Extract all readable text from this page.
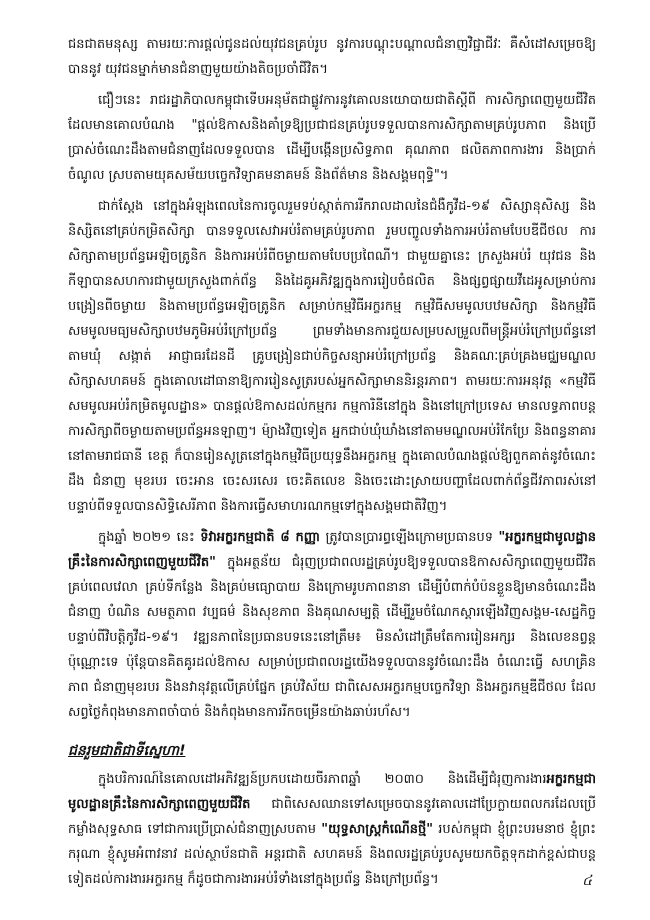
ជនជាតមនុស្ស តាមរយៈការផ្ដល់ជូនដល់យុវជនគ្រប់រូប នូវការបណ្ដុះបណ្ដាលជំនាញវិជ្ជាជីវៈ គឺសំដៅសម្រេចឱ្យបាននូវ យុវជនម្នាក់មានជំនាញមួយយ៉ាងតិចប្រចាំជីវិត។

ជឿៗនេះ រាជរដ្ឋាភិបាលកម្ពុជាទើបអនុម័តជាផ្លូវការនូវគោលនយោបាយជាតិស្ដីពី ការសិក្សាពេញមួយជីវិតដែលមានគោលបំណង "ផ្ដល់ឱកាសនិងគាំទ្រឱ្យប្រជាជនគ្រប់រូបទទួលបានការសិក្សាតាមគ្រប់រូបភាព និងប្រើប្រាស់ចំណេះដឹងតាមជំនាញដែលទទួលបាន ដើម្បីបង្កើនប្រសិទ្ធភាព គុណភាព ផលិតភាពការងារ និងប្រាក់ចំណូល ស្របតាមយុគសម័យបច្ចេកវិទ្យាគមនាគមន៍ និងព័ត៌មាន និងសង្គមពុទ្ធិ"។

ជាក់ស្ដែង នៅក្នុងអំឡុងពេលនៃការចូលរួមទប់ស្កាត់ការរីករាលដាលនៃជំងឺកូវីដ-១៩ សិស្សានុសិស្ស និងនិស្សិតនៅគ្រប់កម្រិតសិក្សា បានទទួលសេវាអប់រំតាមគ្រប់រូបភាព រួមបញ្ចូលទាំងការអប់រំតាមបែបឌីជីថល ការសិក្សាតាមប្រព័ន្ធអេឡិចត្រូនិក និងការអប់រំពីចម្ងាយតាមបែបប្រពៃណី។ ជាមួយគ្នានេះ ក្រសួងអប់រំ យុវជន និងកីឡាបានសហការជាមួយក្រសួងពាក់ព័ន្ធ និងដៃគូអភិវឌ្ឍក្នុងការរៀបចំផលិត និងផ្សព្វផ្សាយវីដេអូសម្រាប់ការបង្រៀនពីចម្ងាយ និងតាមប្រព័ន្ធអេឡិចត្រូនិក សម្រាប់កម្មវិធីអក្ខរកម្ម កម្មវិធីសមមូលបឋមសិក្សា និងកម្មវិធីសមមូលមធ្យមសិក្សាបឋមភូមិអប់រំក្រៅប្រព័ន្ធ ព្រមទាំងមានការជួយសម្របសម្រួលពីមន្ត្រីអប់រំក្រៅប្រព័ន្ធនៅតាមឃុំ សង្កាត់ អាជ្ញាធរដែនដី គ្រូបង្រៀនជាប់កិច្ចសន្យាអប់រំក្រៅប្រព័ន្ធ និងគណៈគ្រប់គ្រងមជ្ឈមណ្ឌលសិក្សាសហគមន៍ ក្នុងគោលដៅធានាឱ្យការរៀនសូត្ររបស់អ្នកសិក្សាមាននិរន្តរភាព។ តាមរយៈការអនុវត្ត «កម្មវិធីសមមូលអប់រំកម្រិតមូលដ្ឋាន» បានផ្ដល់ឱកាសដល់កម្មករ កម្មការិនីនៅក្នុង និងនៅក្រៅប្រទេស មានលទ្ធភាពបន្តការសិក្សាពីចម្ងាយតាមប្រព័ន្ធអនឡាញ។ ម៉្យាងវិញទៀត អ្នកជាប់ឃុំឃាំងនៅតាមមណ្ឌលអប់រំកែប្រែ និងពន្ធនាគារនៅតាមរាជធានី ខេត្ត ក៏បានរៀនសូត្រនៅក្នុងកម្មវិធីប្រយុទ្ធនឹងអក្ខរកម្ម ក្នុងគោលបំណងផ្ដល់ឱ្យពួកគាត់នូវចំណេះដឹង ជំនាញ មុខរបរ ចេះអាន ចេះសរសេរ ចេះគិតលេខ និងចេះដោះស្រាយបញ្ហាដែលពាក់ព័ន្ធជីវភាពរស់នៅ បន្ទាប់ពីទទួលបានសិទ្ធិសេរីភាព និងការធ្វើសមាហរណកម្មទៅក្នុងសង្គមជាតិវិញ។

ក្នុងឆ្នាំ ២០២១ នេះ ទិវាអក្ខរកម្មជាតិ ៨ កញ្ញា ត្រូវបានប្រារព្ធឡើងក្រោមប្រធានបទ "អក្ខរកម្មជាមូលដ្ឋានគ្រឹះនៃការសិក្សាពេញមួយជីវិត" ក្នុងអត្ថន័យ ជំរុញប្រជាពលរដ្ឋគ្រប់រូបឱ្យទទួលបានឱកាសសិក្សាពេញមួយជីវិត គ្រប់ពេលវេលា គ្រប់ទីកន្លែង និងគ្រប់មធ្យោបាយ និងក្រោមរូបភាពនានា ដើម្បីបំពាក់បំប៉នខ្លួនឱ្យមានចំណេះដឹង ជំនាញ បំណិន សមត្ថភាព វប្បធម៌ និងសុខភាព និងគុណសម្បត្តិ ដើម្បីរួមចំណែកស្តារឡើងវិញសង្គម-សេដ្ឋកិច្ច បន្ទាប់ពីវិបត្តិកូវីដ-១៩។ វឌ្ឍនភាពនៃប្រធានបទនេះនៅត្រឹម៖ មិនសំដៅត្រឹមតែការរៀនអក្សរ និងលេខនព្វន្ត ប៉ុណ្ណោះទេ ប៉ុន្តែបានគិតគូរដល់ឱកាស សម្រាប់ប្រជាពលរដ្ឋយើងទទួលបាននូវចំណេះដឹង ចំណេះធ្វើ សហគ្រិនភាព ជំនាញមុខរបរ និងនវានុវត្តលើគ្រប់ផ្នែក គ្រប់វិស័យ ជាពិសេសអក្ខរកម្មបច្ចេកវិទ្យា និងអក្ខរកម្មឌីជីថល ដែលសព្វថ្ងៃកំពុងមានភាពចាំបាច់ និងកំពុងមានការរីកចម្រើនយ៉ាងឆាប់រហ័ស។

ជនរួមជាតិជាទីស្នេហា!

ក្នុងបរិការណ៍នៃគោលដៅអភិវឌ្ឍន៍ប្រកបដោយចីរភាពឆ្នាំ ២០៣០ និងដើម្បីជំរុញការងារអក្ខរកម្មជាមូលដ្ឋានគ្រឹះនៃការសិក្សាពេញមួយជីវិត ជាពិសេសឈានទៅសម្រេចបាននូវគោលដៅប្រែក្លាយពលករដែលប្រើកម្លាំងសុទ្ធសាធ ទៅជាការប្រើប្រាស់ជំនាញស្របតាម "យុទ្ធសាស្ត្រកំណើនថ្មី" របស់កម្ពុជា ខ្ញុំព្រះបរមនាថ ខ្ញុំព្រះករុណា ខ្ញុំសូមអំពាវនាវ ដល់ស្ថាប័នជាតិ អន្តរជាតិ សហគមន៍ និងពលរដ្ឋគ្រប់រូបសូមយកចិត្តទុកដាក់ខ្ពស់ជាបន្តទៀតដល់ការងារអក្ខរកម្ម ក៏ដូចជាការងារអប់រំទាំងនៅក្នុងប្រព័ន្ធ និងក្រៅប្រព័ន្ធ។	៤
